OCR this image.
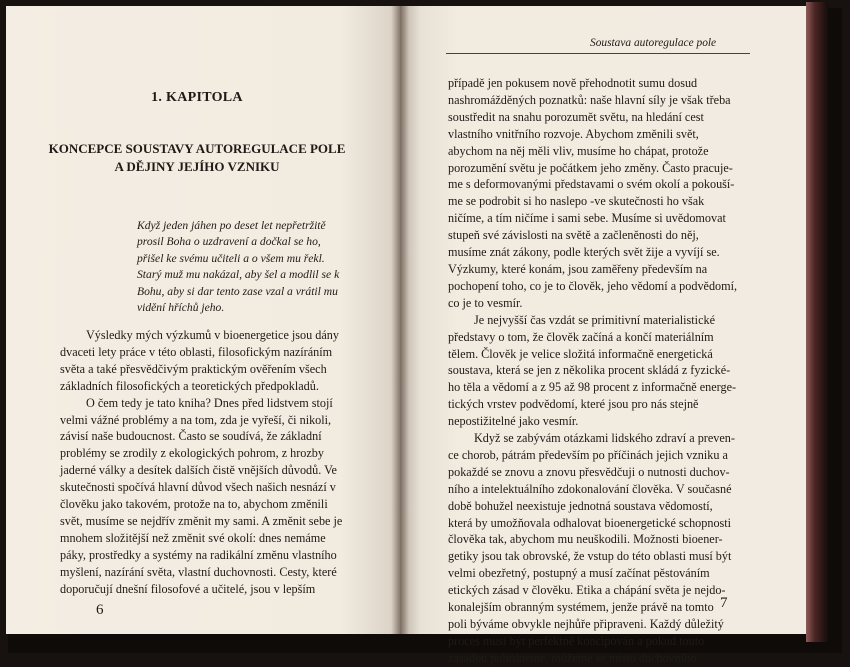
1. KAPITOLA
KONCEPCE SOUSTAVY AUTOREGULACE POLE
A DĚJINY JEJÍHO VZNIKU
Když jeden jáhen po deset let nepřetržitě
prosil Boha o uzdravení a dočkal se ho,
přišel ke svému učiteli a o všem mu řekl.
Starý muž mu nakázal, aby šel a modlil se k
Bohu, aby si dar tento zase vzal a vrátil mu
vidění hříchů jeho.
Výsledky mých výzkumů v bioenergetice jsou dány
dvaceti lety práce v této oblasti, filosofickým nazíráním
světa a také přesvědčivým praktickým ověřením všech
základních filosofických a teoretických předpokladů.
O čem tedy je tato kniha? Dnes před lidstvem stojí
velmi vážné problémy a na tom, zda je vyřeší, či nikoli,
závisí naše budoucnost. Často se soudívá, že základní
problémy se zrodily z ekologických pohrom, z hrozby
jaderné války a desítek dalších čistě vnějších důvodů. Ve
skutečnosti spočívá hlavní důvod všech našich nesnází v
člověku jako takovém, protože na to, abychom změnili
svět, musíme se nejdřív změnit my sami. A změnit sebe je
mnohem složitější než změnit své okolí: dnes nemáme
páky, prostředky a systémy na radikální změnu vlastního
myšlení, nazírání světa, vlastní duchovnosti. Cesty, které
doporučují dnešní filosofové a učitelé, jsou v lepším
6
Soustava autoregulace pole
případě jen pokusem nově přehodnotit sumu dosud
nashromážděných poznatků: naše hlavní síly je však třeba
soustředit na snahu porozumět světu, na hledání cest
vlastního vnitřního rozvoje. Abychom změnili svět,
abychom na něj měli vliv, musíme ho chápat, protože
porozumění světu je počátkem jeho změny. Často pracuje-
me s deformovanými představami o svém okolí a pokouší-
me se podrobit si ho naslepo -ve skutečnosti ho však
ničíme, a tím ničíme i sami sebe. Musíme si uvědomovat
stupeň své závislosti na světě a začleněnosti do něj,
musíme znát zákony, podle kterých svět žije a vyvíjí se.
Výzkumy, které konám, jsou zaměřeny především na
pochopení toho, co je to člověk, jeho vědomí a podvědomí,
co je to vesmír.
Je nejvyšší čas vzdát se primitivní materialistické
představy o tom, že člověk začíná a končí materiálním
tělem. Člověk je velice složitá informačně energetická
soustava, která se jen z několika procent skládá z fyzické-
ho těla a vědomí a z 95 až 98 procent z informačně energe-
tických vrstev podvědomí, které jsou pro nás stejně
nepostižitelné jako vesmír.
Když se zabývám otázkami lidského zdraví a preven-
ce chorob, pátrám především po příčinách jejich vzniku a
pokaždé se znovu a znovu přesvědčuji o nutnosti duchov-
ního a intelektuálního zdokonalování člověka. V současné
době bohužel neexistuje jednotná soustava vědomostí,
která by umožňovala odhalovat bioenergetické schopnosti
člověka tak, abychom mu neuškodili. Možnosti bioener-
getiky jsou tak obrovské, že vstup do této oblasti musí být
velmi obezřetný, postupný a musí začínat pěstováním
etických zásad v člověku. Etika a chápání světa je nejdo-
konalejším obranným systémem, jenže právě na tomto
poli býváme obvykle nejhůře připraveni. Každý důležitý
proces musí být perfektně koncipován a pokud touto
zásadou pohrdneme, můžeme se místo duchovního
7
